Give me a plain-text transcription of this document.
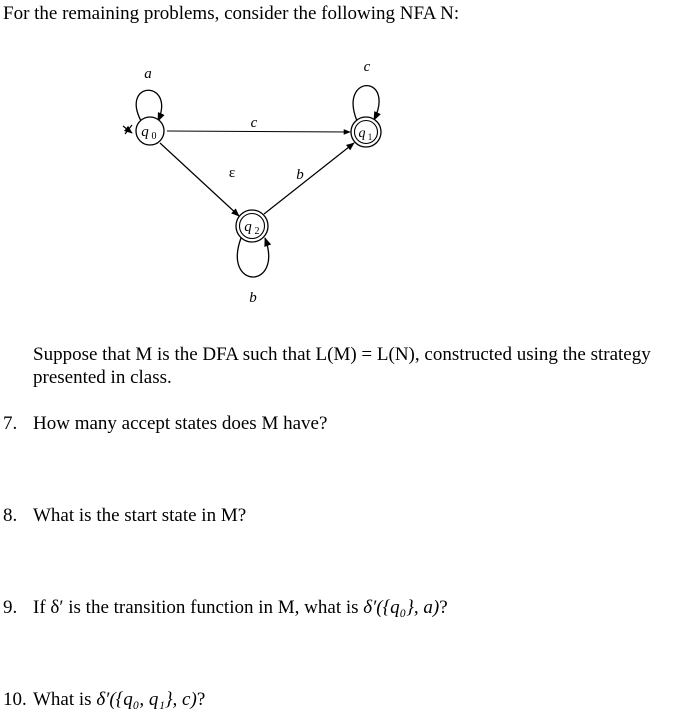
For the remaining problems, consider the following NFA N:
a
c
ε	b
c
b
q 0	q 1
q 2
Suppose that M is the DFA such that L(M) = L(N), constructed using the strategy
presented in class.
7. How many accept states does M have?
8. What is the start state in M?
9. If δ′ is the transition function in M, what is δ′({q₀}, a)?
10. What is δ′({q₀, q₁}, c)?
